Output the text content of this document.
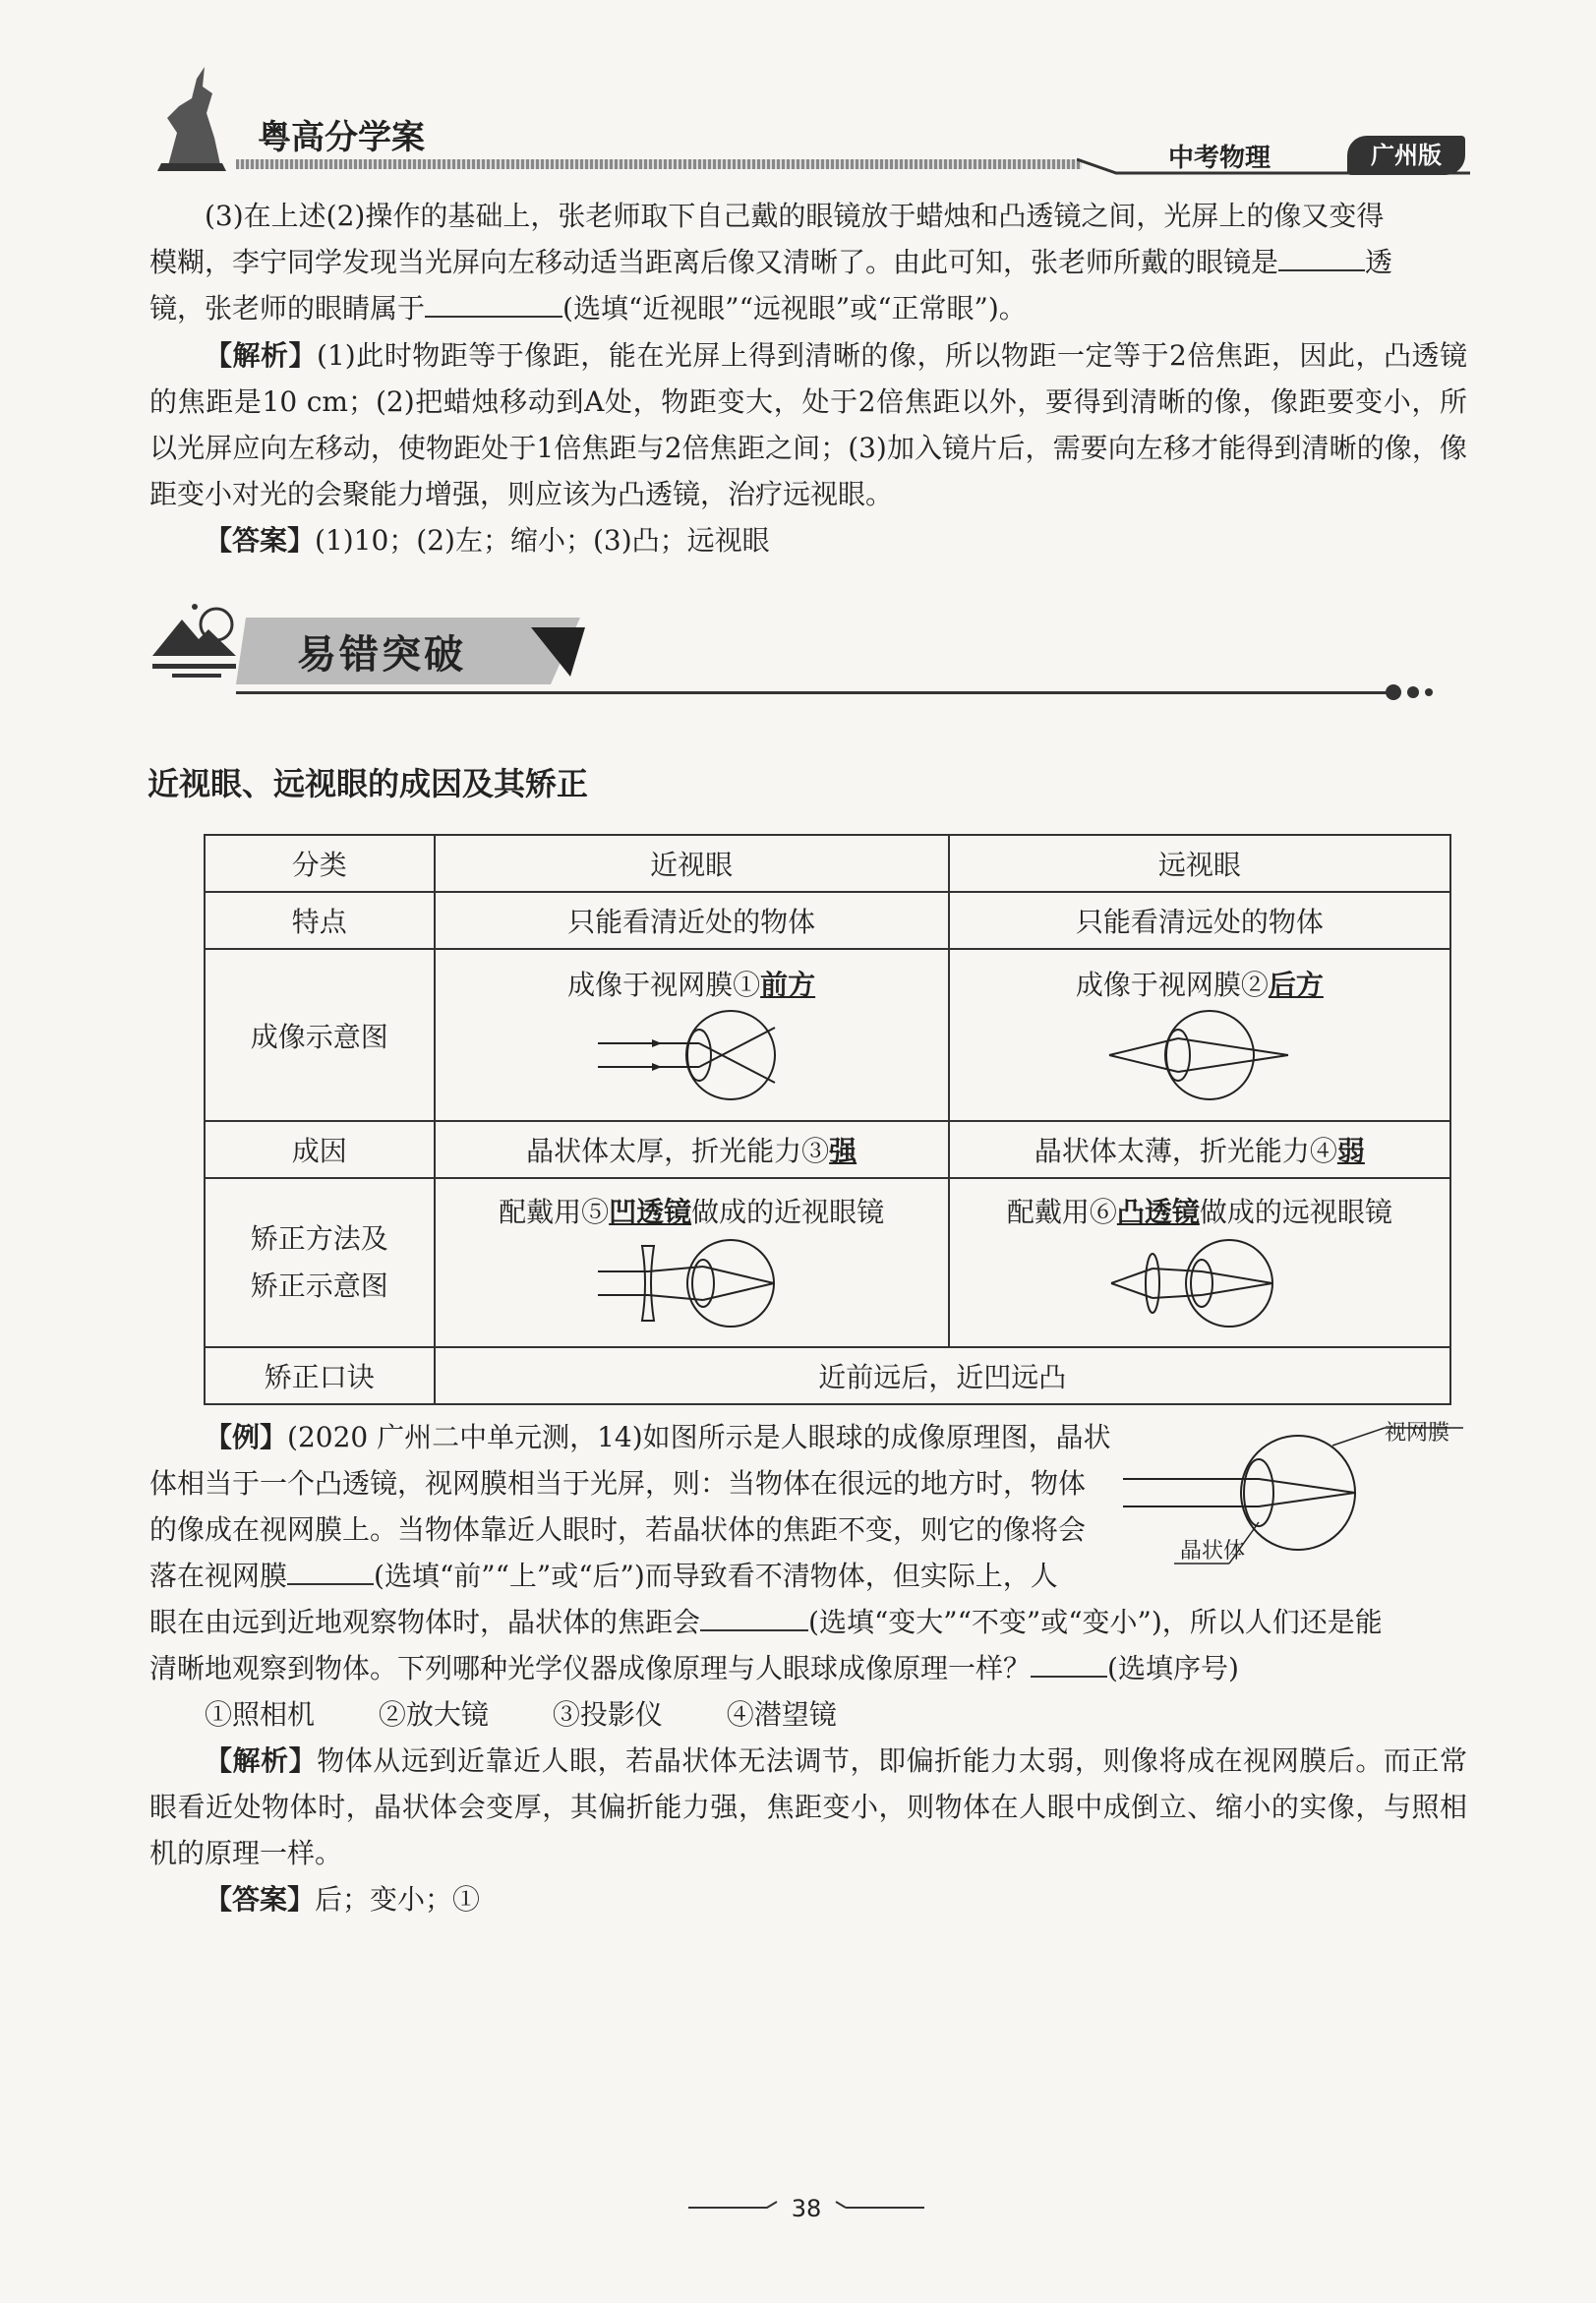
粤高分学案
中考物理	广州版
(3)在上述(2)操作的基础上，张老师取下自己戴的眼镜放于蜡烛和凸透镜之间，光屏上的像又变得
模糊，李宁同学发现当光屏向左移动适当距离后像又清晰了。由此可知，张老师所戴的眼镜是	透
镜，张老师的眼睛属于	(选填“近视眼”“远视眼”或“正常眼”)。
【解析】(1)此时物距等于像距，能在光屏上得到清晰的像，所以物距一定等于2倍焦距，因此，凸透镜的焦距是10 cm；(2)把蜡烛移动到A处，物距变大，处于2倍焦距以外，要得到清晰的像，像距要变小，所以光屏应向左移动，使物距处于1倍焦距与2倍焦距之间；(3)加入镜片后，需要向左移才能得到清晰的像，像距变小对光的会聚能力增强，则应该为凸透镜，治疗远视眼。
【答案】(1)10；(2)左；缩小；(3)凸；远视眼
易错突破
近视眼、远视眼的成因及其矫正
分类	近视眼	远视眼
特点	只能看清近处的物体	只能看清远处的物体
成像示意图	成像于视网膜①前方	成像于视网膜②后方

成因	晶状体太厚，折光能力③强	晶状体太薄，折光能力④弱

矫正方法及
矫正示意图	配戴用⑤凹透镜做成的近视眼镜	配戴用⑥凸透镜做成的远视眼镜

矫正口诀	近前远后，近凹远凸	
【例】(2020 广州二中单元测，14)如图所示是人眼球的成像原理图，晶状
体相当于一个凸透镜，视网膜相当于光屏，则：当物体在很远的地方时，物体
的像成在视网膜上。当物体靠近人眼时，若晶状体的焦距不变，则它的像将会
落在视网膜	(选填“前”“上”或“后”)而导致看不清物体，但实际上，人
眼在由远到近地观察物体时，晶状体的焦距会	(选填“变大”“不变”或“变小”)，所以人们还是能
清晰地观察到物体。下列哪种光学仪器成像原理与人眼球成像原理一样？	(选填序号)
①照相机 ②放大镜 ③投影仪 ④潜望镜
视网膜
晶状体
【解析】物体从远到近靠近人眼，若晶状体无法调节，即偏折能力太弱，则像将成在视网膜后。而正常眼看近处物体时，晶状体会变厚，其偏折能力强，焦距变小，则物体在人眼中成倒立、缩小的实像，与照相机的原理一样。
【答案】后；变小；①
38
